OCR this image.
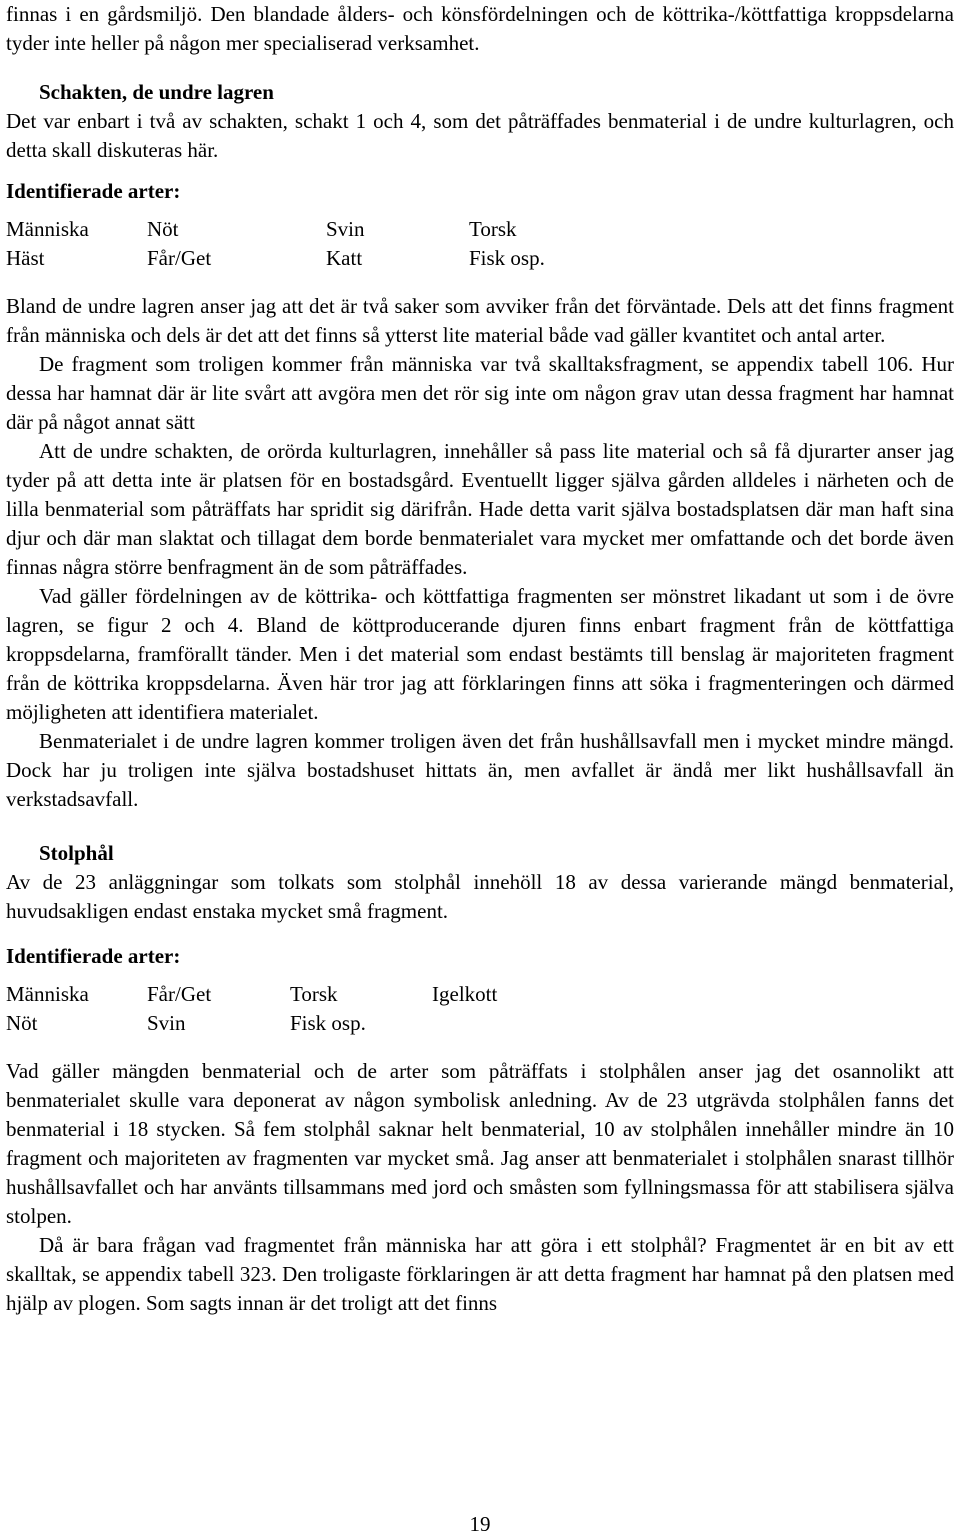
finnas i en gårdsmiljö. Den blandade ålders- och könsfördelningen och de köttrika-/köttfattiga kroppsdelarna tyder inte heller på någon mer specialiserad verksamhet.

Schakten, de undre lagren

Det var enbart i två av schakten, schakt 1 och 4, som det påträffades benmaterial i de undre kulturlagren, och detta skall diskuteras här.

Identifierade arter:
Människa	Nöt	Svin	Torsk
Häst	Får/Get	Katt	Fisk osp.

Bland de undre lagren anser jag att det är två saker som avviker från det förväntade. Dels att det finns fragment från människa och dels är det att det finns så ytterst lite material både vad gäller kvantitet och antal arter.

De fragment som troligen kommer från människa var två skalltaksfragment, se appendix tabell 106. Hur dessa har hamnat där är lite svårt att avgöra men det rör sig inte om någon grav utan dessa fragment har hamnat där på något annat sätt

Att de undre schakten, de orörda kulturlagren, innehåller så pass lite material och så få djurarter anser jag tyder på att detta inte är platsen för en bostadsgård. Eventuellt ligger själva gården alldeles i närheten och de lilla benmaterial som påträffats har spridit sig därifrån. Hade detta varit själva bostadsplatsen där man haft sina djur och där man slaktat och tillagat dem borde benmaterialet vara mycket mer omfattande och det borde även finnas några större benfragment än de som påträffades.

Vad gäller fördelningen av de köttrika- och köttfattiga fragmenten ser mönstret likadant ut som i de övre lagren, se figur 2 och 4. Bland de köttproducerande djuren finns enbart fragment från de köttfattiga kroppsdelarna, framförallt tänder. Men i det material som endast bestämts till benslag är majoriteten fragment från de köttrika kroppsdelarna. Även här tror jag att förklaringen finns att söka i fragmenteringen och därmed möjligheten att identifiera materialet.

Benmaterialet i de undre lagren kommer troligen även det från hushållsavfall men i mycket mindre mängd. Dock har ju troligen inte själva bostadshuset hittats än, men avfallet är ändå mer likt hushållsavfall än verkstadsavfall.

Stolphål

Av de 23 anläggningar som tolkats som stolphål innehöll 18 av dessa varierande mängd benmaterial, huvudsakligen endast enstaka mycket små fragment.

Identifierade arter:
Människa	Får/Get	Torsk	Igelkott
Nöt	Svin	Fisk osp.	

Vad gäller mängden benmaterial och de arter som påträffats i stolphålen anser jag det osannolikt att benmaterialet skulle vara deponerat av någon symbolisk anledning. Av de 23 utgrävda stolphålen fanns det benmaterial i 18 stycken. Så fem stolphål saknar helt benmaterial, 10 av stolphålen innehåller mindre än 10 fragment och majoriteten av fragmenten var mycket små. Jag anser att benmaterialet i stolphålen snarast tillhör hushållsavfallet och har använts tillsammans med jord och småsten som fyllningsmassa för att stabilisera själva stolpen.

Då är bara frågan vad fragmentet från människa har att göra i ett stolphål? Fragmentet är en bit av ett skalltak, se appendix tabell 323. Den troligaste förklaringen är att detta fragment har hamnat på den platsen med hjälp av plogen. Som sagts innan är det troligt att det finns

19
